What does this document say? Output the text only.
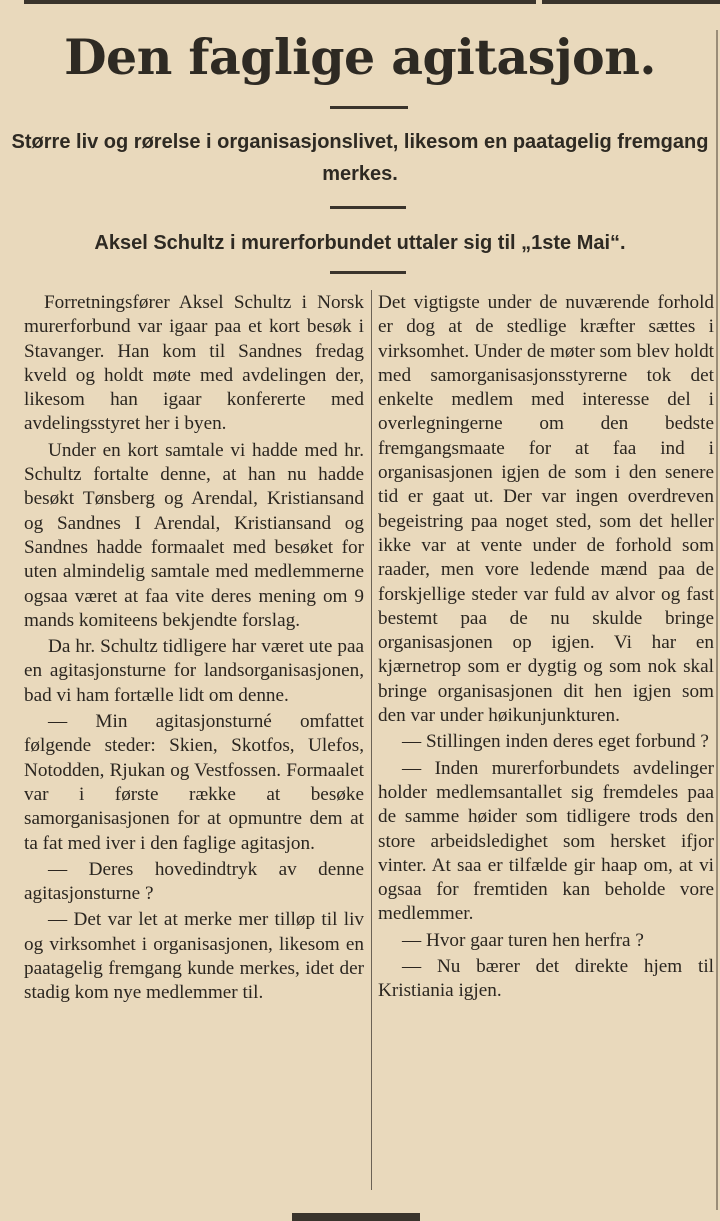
Den faglige agitasjon.
Større liv og rørelse i organisasjonslivet, likesom en paatagelig fremgang merkes.
Aksel Schultz i murerforbundet uttaler sig til „1ste Mai“.

Forretningsfører Aksel Schultz i Norsk murerforbund var igaar paa et kort besøk i Stavanger. Han kom til Sandnes fredag kveld og holdt møte med avdelingen der, likesom han igaar konfererte med avdelingsstyret her i byen.

Under en kort samtale vi hadde med hr. Schultz fortalte denne, at han nu hadde besøkt Tønsberg og Arendal, Kristiansand og Sandnes I Arendal, Kristiansand og Sandnes hadde formaalet med besøket for uten almindelig samtale med medlemmerne ogsaa været at faa vite deres mening om 9 mands komiteens bekjendte forslag.

Da hr. Schultz tidligere har været ute paa en agitasjonsturne for landsorganisasjonen, bad vi ham fortælle lidt om denne.

— Min agitasjonsturné omfattet følgende steder: Skien, Skotfos, Ulefos, Notodden, Rjukan og Vestfossen. Formaalet var i første række at besøke samorganisasjonen for at opmuntre dem at ta fat med iver i den faglige agitasjon.

— Deres hovedindtryk av denne agitasjonsturne ?

— Det var let at merke mer tilløp til liv og virksomhet i organisasjonen, likesom en paatagelig fremgang kunde merkes, idet der stadig kom nye medlemmer til.

Det vigtigste under de nuværende forhold er dog at de stedlige kræfter sættes i virksomhet. Under de møter som blev holdt med samorganisasjonsstyrerne tok det enkelte medlem med interesse del i overlegningerne om den bedste fremgangsmaate for at faa ind i organisasjonen igjen de som i den senere tid er gaat ut. Der var ingen overdreven begeistring paa noget sted, som det heller ikke var at vente under de forhold som raader, men vore ledende mænd paa de forskjellige steder var fuld av alvor og fast bestemt paa de nu skulde bringe organisasjonen op igjen. Vi har en kjærnetrop som er dygtig og som nok skal bringe organisasjonen dit hen igjen som den var under høikunjunkturen.

— Stillingen inden deres eget forbund ?

— Inden murerforbundets avdelinger holder medlemsantallet sig fremdeles paa de samme høider som tidligere trods den store arbeidsledighet som hersket ifjor vinter. At saa er tilfælde gir haap om, at vi ogsaa for fremtiden kan beholde vore medlemmer.

— Hvor gaar turen hen herfra ?

— Nu bærer det direkte hjem til Kristiania igjen.
